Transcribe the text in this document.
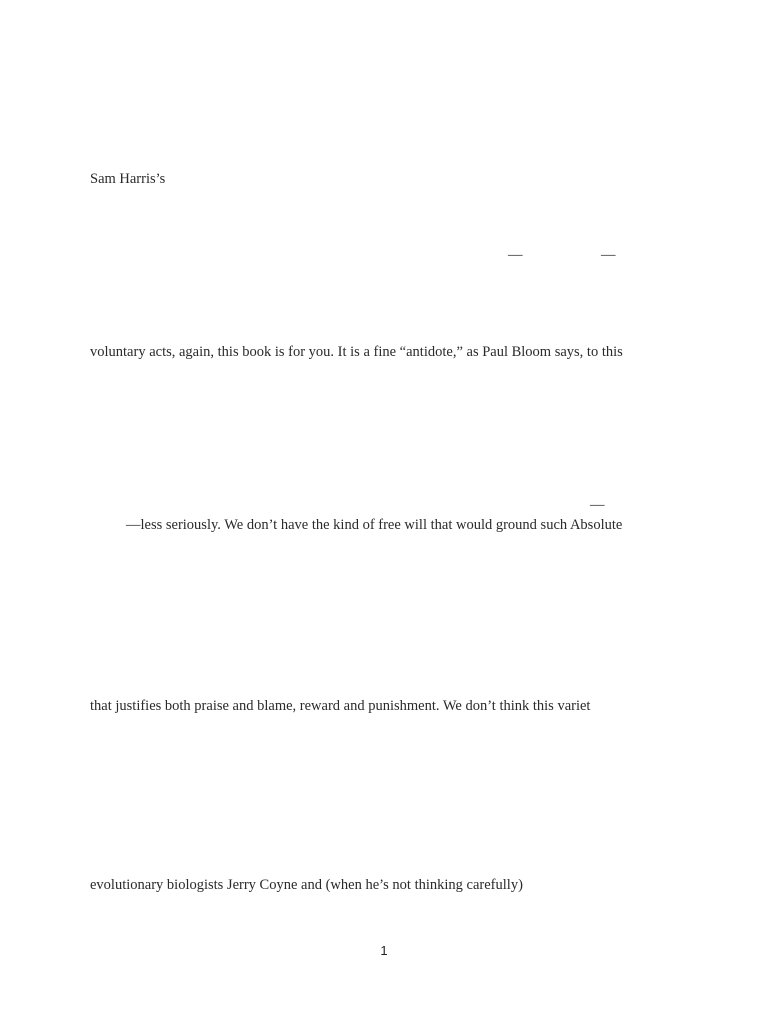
Sam Harris’s
—	—
voluntary acts, again, this book is for you. It is a fine “antidote,” as Paul Bloom says, to this
—
—less seriously. We don’t have the kind of free will that would ground such Absolute
that justifies both praise and blame, reward and punishment. We don’t think this variet
evolutionary biologists Jerry Coyne and (when he’s not thinking carefully)
1
